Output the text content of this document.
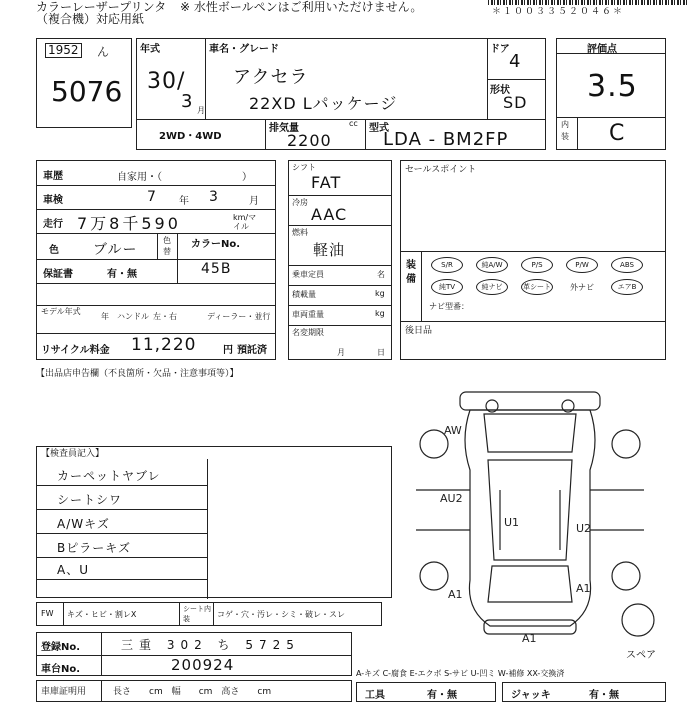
カラーレーザープリンタ
（複合機）対応用紙
※ 水性ボールペンはご利用いただけません。	＊１００３３５２０４６＊
1952 ん
5076
年式
30/
3 月
車名・グレード
アクセラ
22XD Lパッケージ
ドア
4
形状
SD
2WD・4WD
排気量	cc
2200
型式
LDA - BM2FP
評価点
3.5
内装 C
車歴	自家用・（　　　　　　　　）
車検	7 年 3	月
走行 7万8千590	km/マイル
色 ブルー
色替
カラーNo.
45B
保証書	有・無
モデル年式
年 ハンドル 左・右	ディーラー・並行
リサイクル料金 11,220	円 預託済
シフト
FAT
冷房
AAC
燃料
軽油
乗車定員	名
積載量	kg
車両重量	kg
名変期限
月	日
セールスポイント
装備
S/R	純A/W	P/S	P/W	ABS
純TV	純ナビ	革シート 外ナビ	エアB
ナビ型番：
後日品
【出品店申告欄（不良箇所・欠品・注意事項等）】
【検査員記入】
カーペットヤブレ
シートシワ
A/Wキズ
Bピラーキズ
A、U
AW
AU2
U1	U2
A1	A1
A1
スペア
FW キズ・ヒビ・割レX
シート内装	コゲ・穴・汚レ・シミ・破レ・スレ
登録No.	三重 302 ち 5725
車台No.	200924
車庫証明用	長さ　　cm　幅　　cm　高さ　　cm
A-キズ C-腐食 E-エクボ S-サビ U-凹ミ W-補修 XX-交換済
工具	有・無	ジャッキ	有・無
